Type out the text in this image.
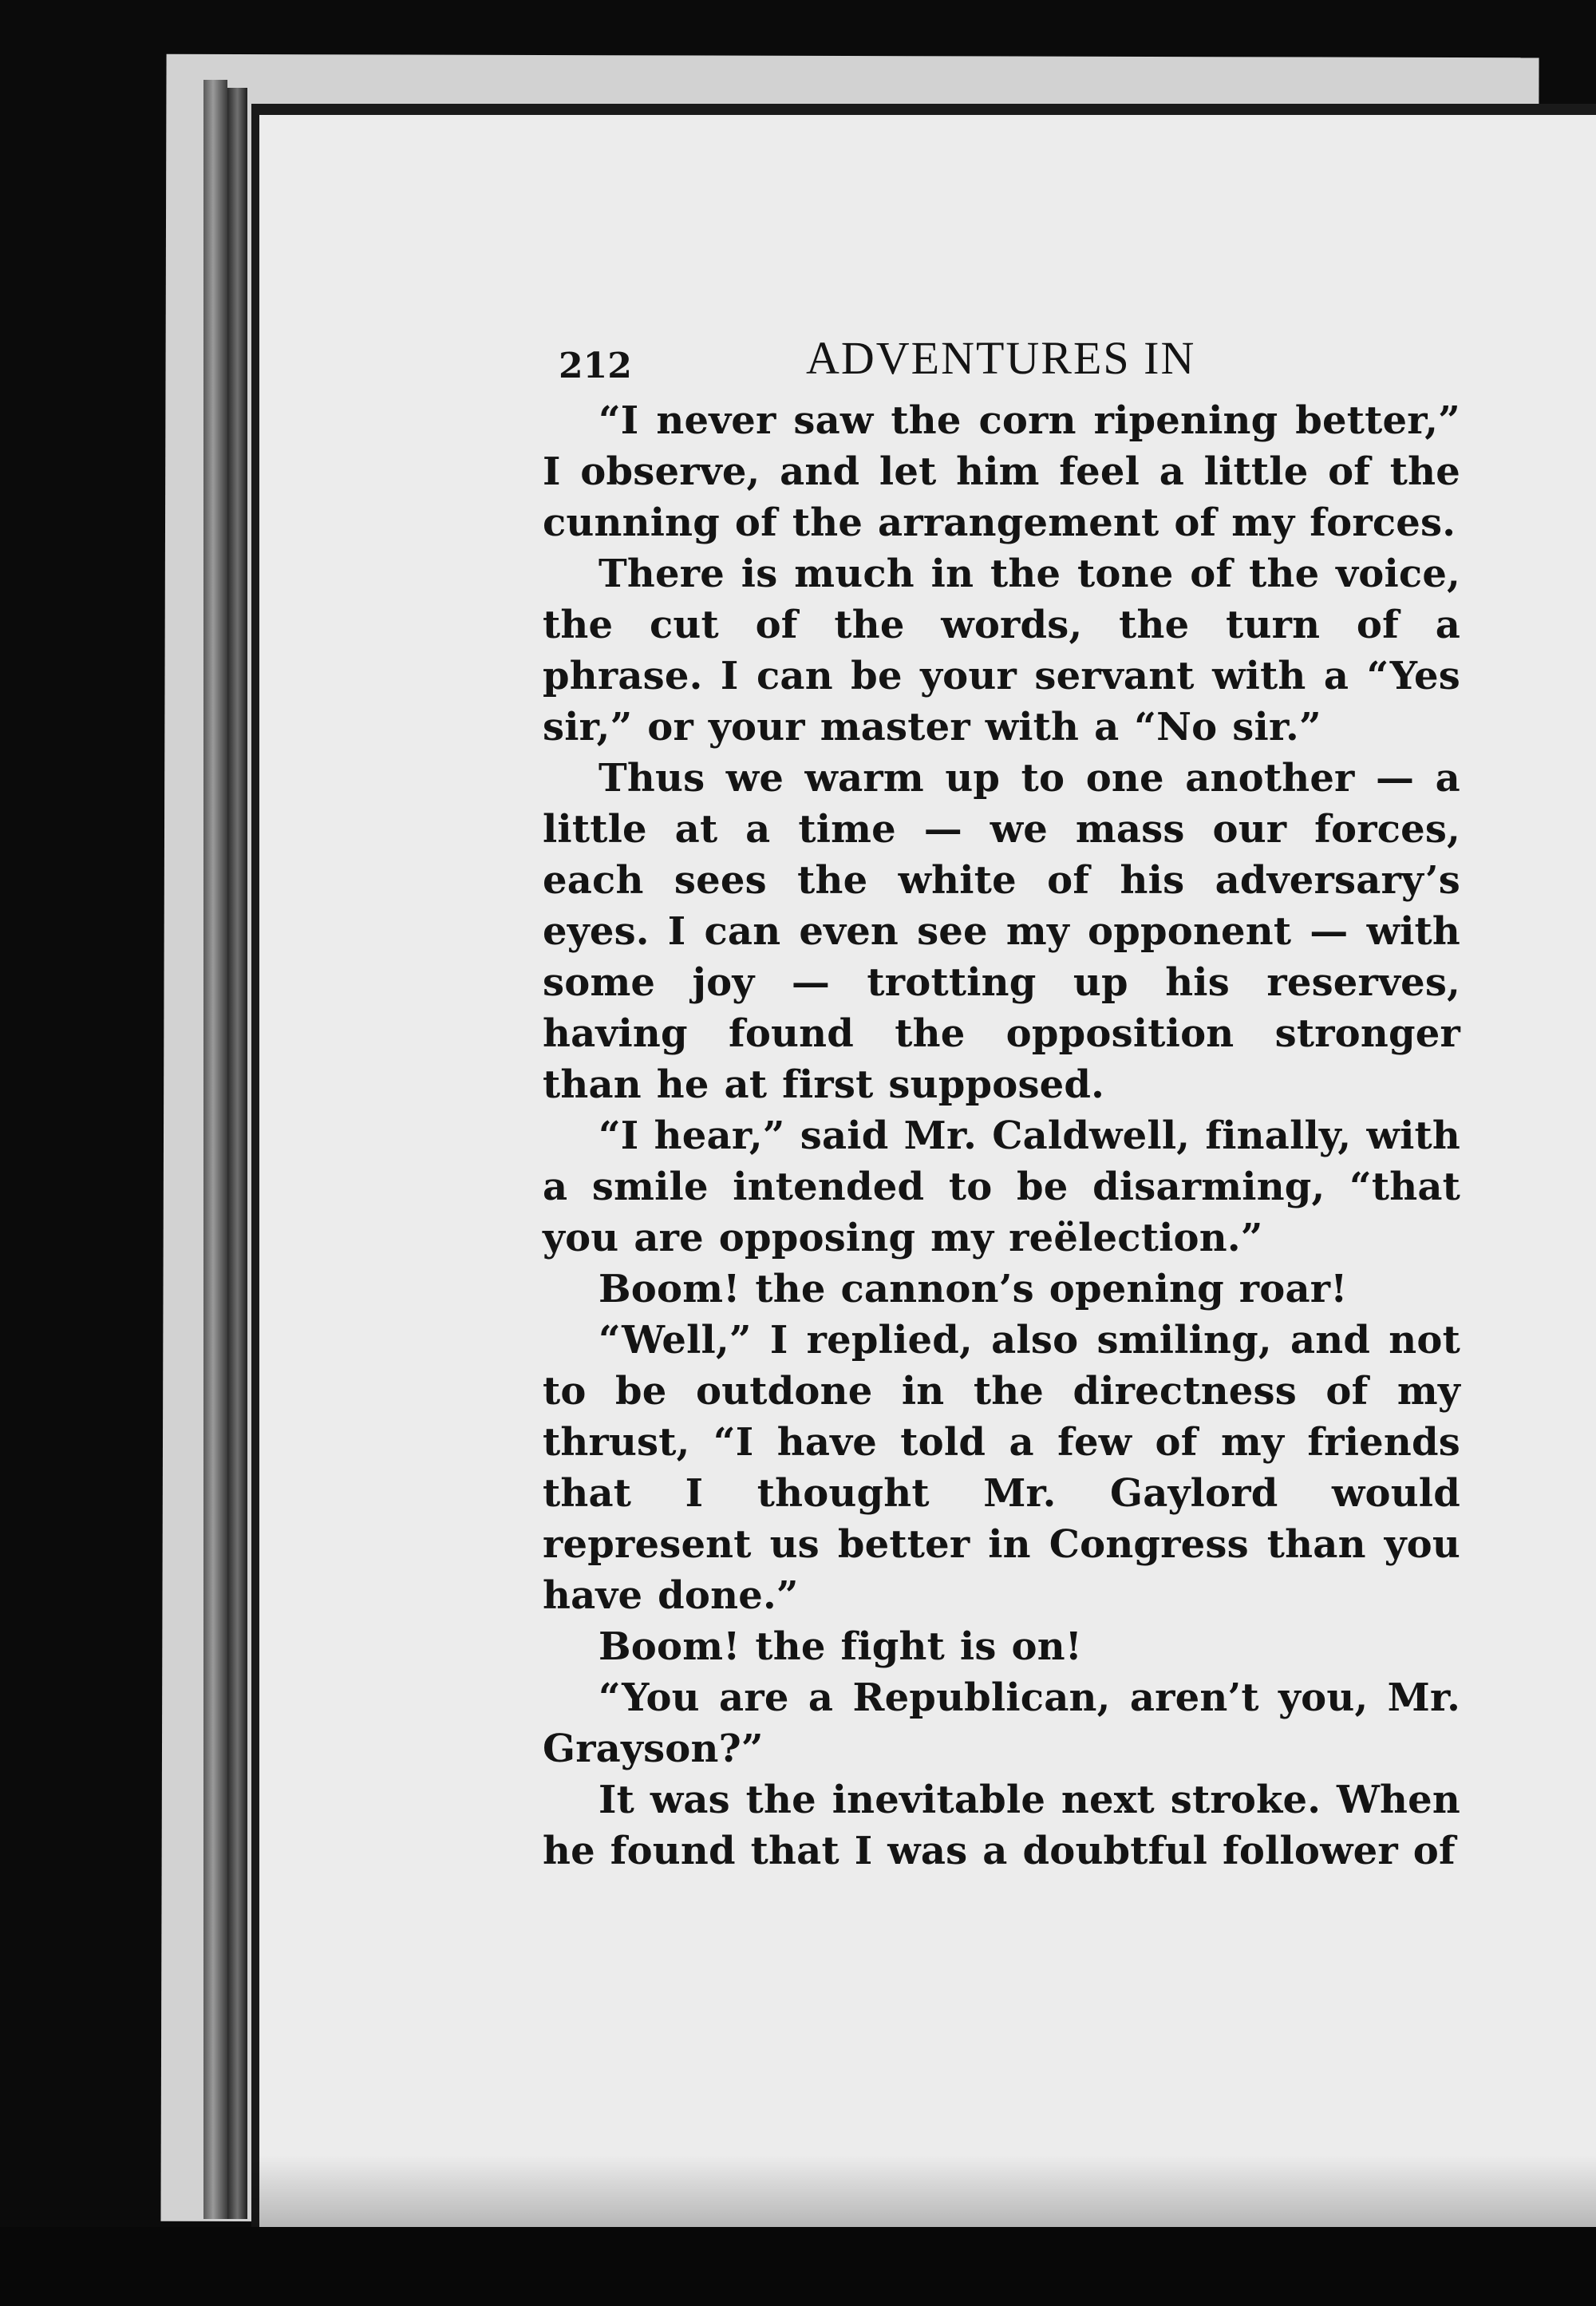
212	ADVENTURES IN

“I never saw the corn ripening better,” I observe, and let him feel a little of the cunning of the arrangement of my forces.

There is much in the tone of the voice, the cut of the words, the turn of a phrase. I can be your servant with a “Yes sir,” or your master with a “No sir.”

Thus we warm up to one another — a little at a time — we mass our forces, each sees the white of his adversary’s eyes. I can even see my opponent — with some joy — trotting up his reserves, having found the opposition stronger than he at first supposed.

“I hear,” said Mr. Caldwell, finally, with a smile intended to be disarming, “that you are opposing my reëlection.”

Boom! the cannon’s opening roar!

“Well,” I replied, also smiling, and not to be outdone in the directness of my thrust, “I have told a few of my friends that I thought Mr. Gaylord would represent us better in Congress than you have done.”

Boom! the fight is on!

“You are a Republican, aren’t you, Mr. Grayson?”

It was the inevitable next stroke. When he found that I was a doubtful follower of
